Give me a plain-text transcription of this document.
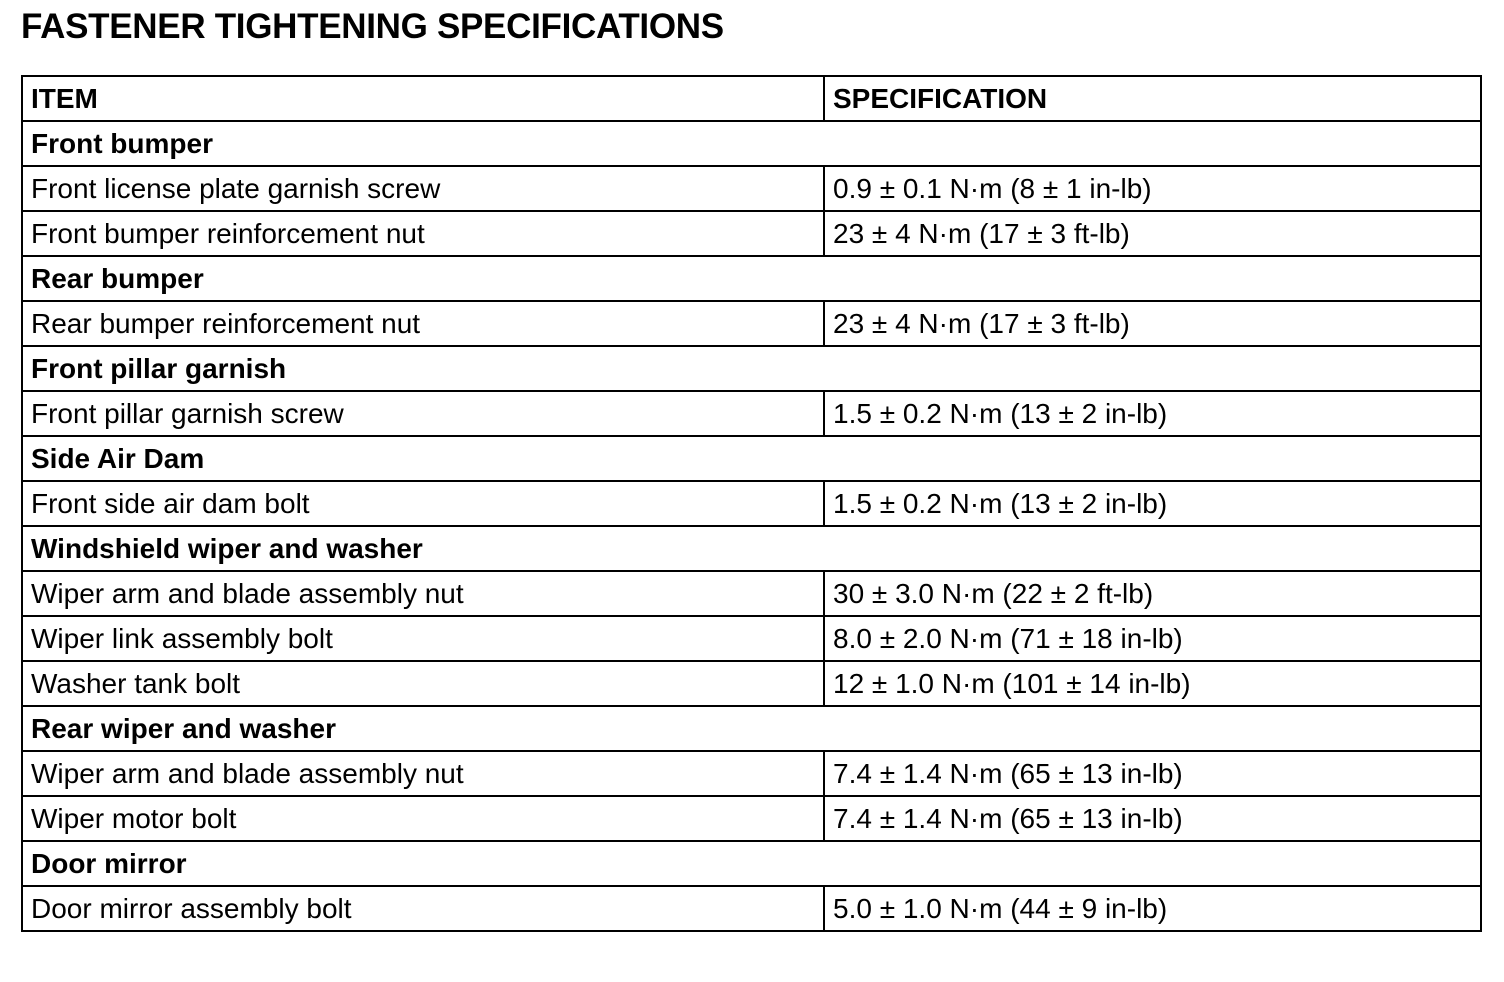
FASTENER TIGHTENING SPECIFICATIONS
ITEM	SPECIFICATION
Front bumper	
Front license plate garnish screw	0.9 ± 0.1 N·m (8 ± 1 in-lb)
Front bumper reinforcement nut	23 ± 4 N·m (17 ± 3 ft-lb)
Rear bumper	
Rear bumper reinforcement nut	23 ± 4 N·m (17 ± 3 ft-lb)
Front pillar garnish	
Front pillar garnish screw	1.5 ± 0.2 N·m (13 ± 2 in-lb)
Side Air Dam	
Front side air dam bolt	1.5 ± 0.2 N·m (13 ± 2 in-lb)
Windshield wiper and washer	
Wiper arm and blade assembly nut	30 ± 3.0 N·m (22 ± 2 ft-lb)
Wiper link assembly bolt	8.0 ± 2.0 N·m (71 ± 18 in-lb)
Washer tank bolt	12 ± 1.0 N·m (101 ± 14 in-lb)
Rear wiper and washer	
Wiper arm and blade assembly nut	7.4 ± 1.4 N·m (65 ± 13 in-lb)
Wiper motor bolt	7.4 ± 1.4 N·m (65 ± 13 in-lb)
Door mirror	
Door mirror assembly bolt	5.0 ± 1.0 N·m (44 ± 9 in-lb)
